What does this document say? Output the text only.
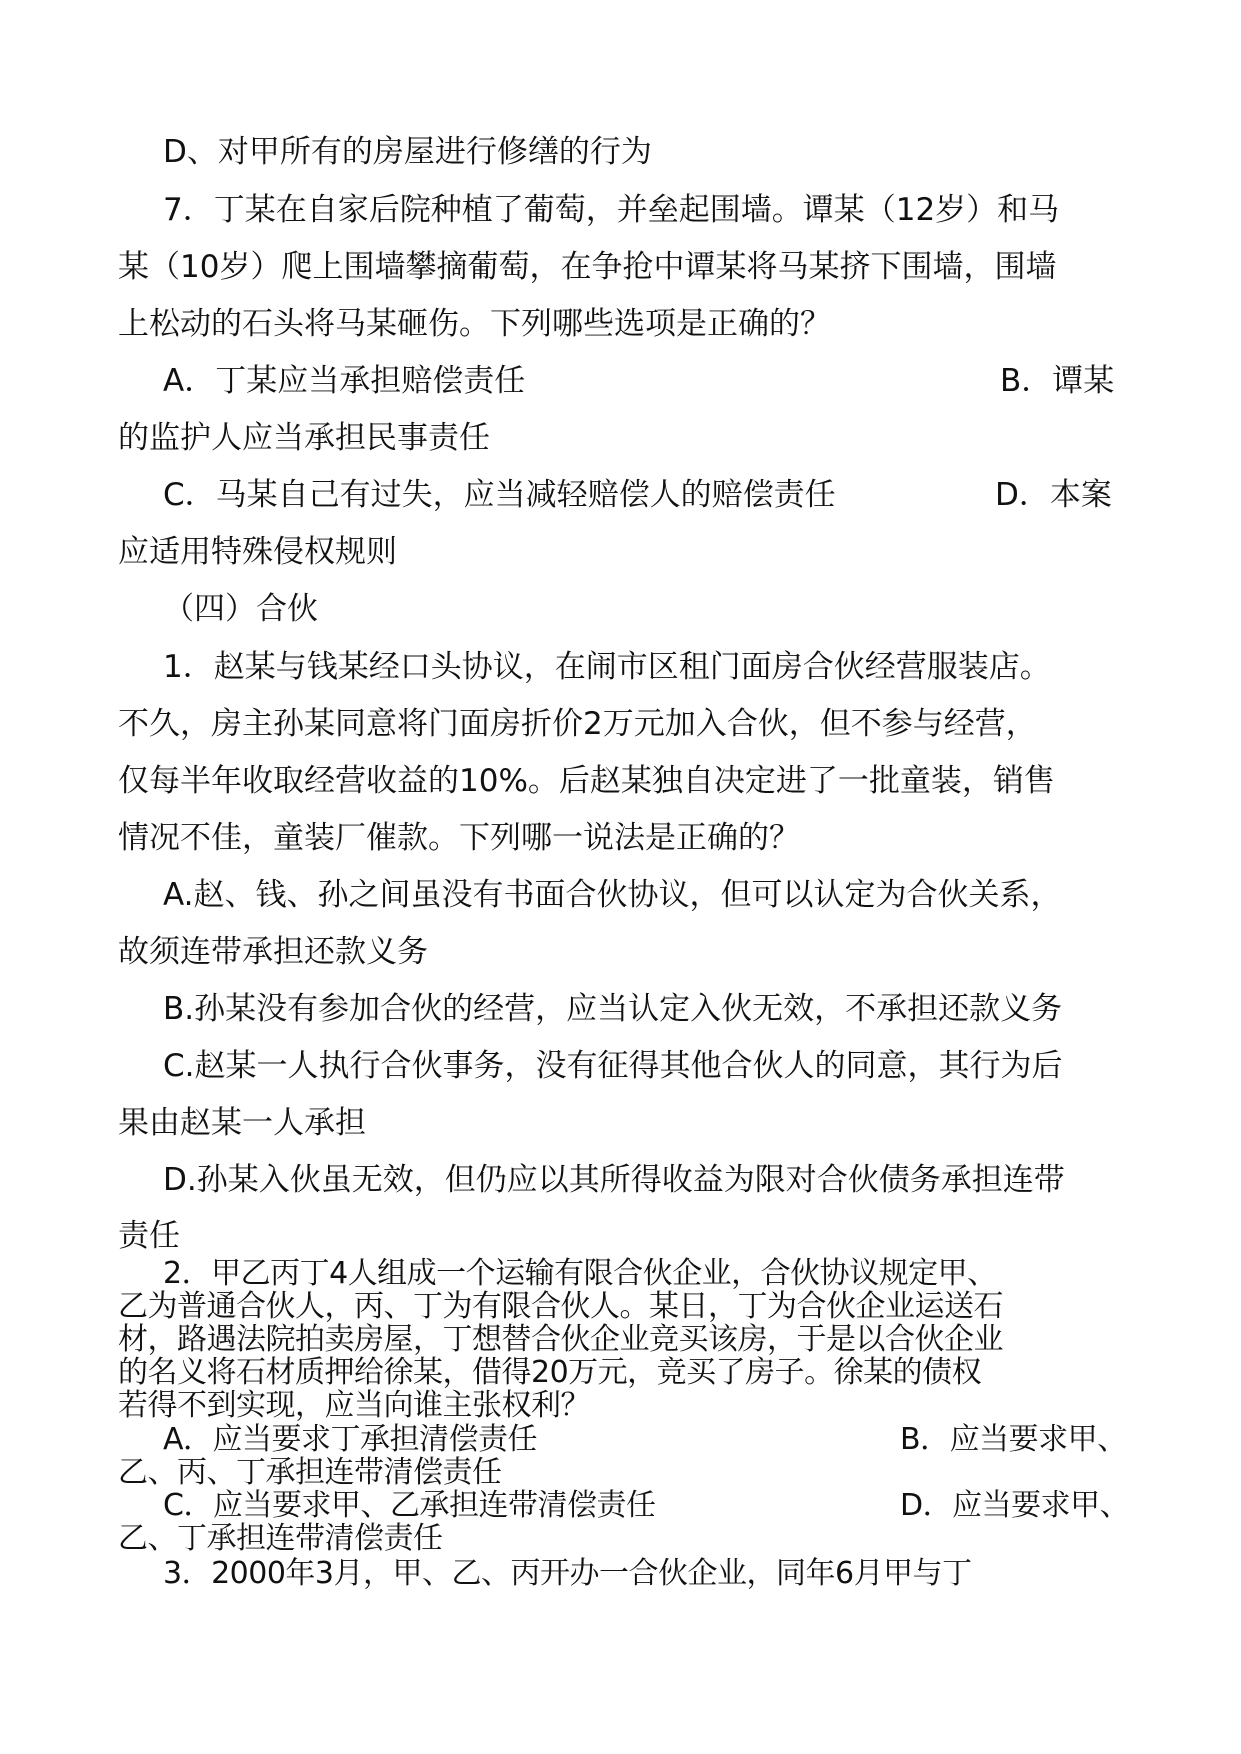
D、对甲所有的房屋进行修缮的行为

7．丁某在自家后院种植了葡萄，并垒起围墙。谭某（12岁）和马

某（10岁）爬上围墙攀摘葡萄，在争抢中谭某将马某挤下围墙，围墙

上松动的石头将马某砸伤。下列哪些选项是正确的？

A．丁某应当承担赔偿责任	B．谭某

的监护人应当承担民事责任

C．马某自己有过失，应当减轻赔偿人的赔偿责任	D．本案

应适用特殊侵权规则

（四）合伙

1．赵某与钱某经口头协议，在闹市区租门面房合伙经营服装店。

不久，房主孙某同意将门面房折价2万元加入合伙，但不参与经营，

仅每半年收取经营收益的10%。后赵某独自决定进了一批童装，销售

情况不佳，童装厂催款。下列哪一说法是正确的？

A.赵、钱、孙之间虽没有书面合伙协议，但可以认定为合伙关系，

故须连带承担还款义务

B.孙某没有参加合伙的经营，应当认定入伙无效，不承担还款义务

C.赵某一人执行合伙事务，没有征得其他合伙人的同意，其行为后

果由赵某一人承担

D.孙某入伙虽无效，但仍应以其所得收益为限对合伙债务承担连带

责任

2．甲乙丙丁4人组成一个运输有限合伙企业，合伙协议规定甲、

乙为普通合伙人，丙、丁为有限合伙人。某日，丁为合伙企业运送石

材，路遇法院拍卖房屋，丁想替合伙企业竞买该房，于是以合伙企业

的名义将石材质押给徐某，借得20万元，竞买了房子。徐某的债权

若得不到实现，应当向谁主张权利？

A．应当要求丁承担清偿责任	B．应当要求甲、

乙、丙、丁承担连带清偿责任

C．应当要求甲、乙承担连带清偿责任	D．应当要求甲、

乙、丁承担连带清偿责任

3．2000年3月，甲、乙、丙开办一合伙企业，同年6月甲与丁
